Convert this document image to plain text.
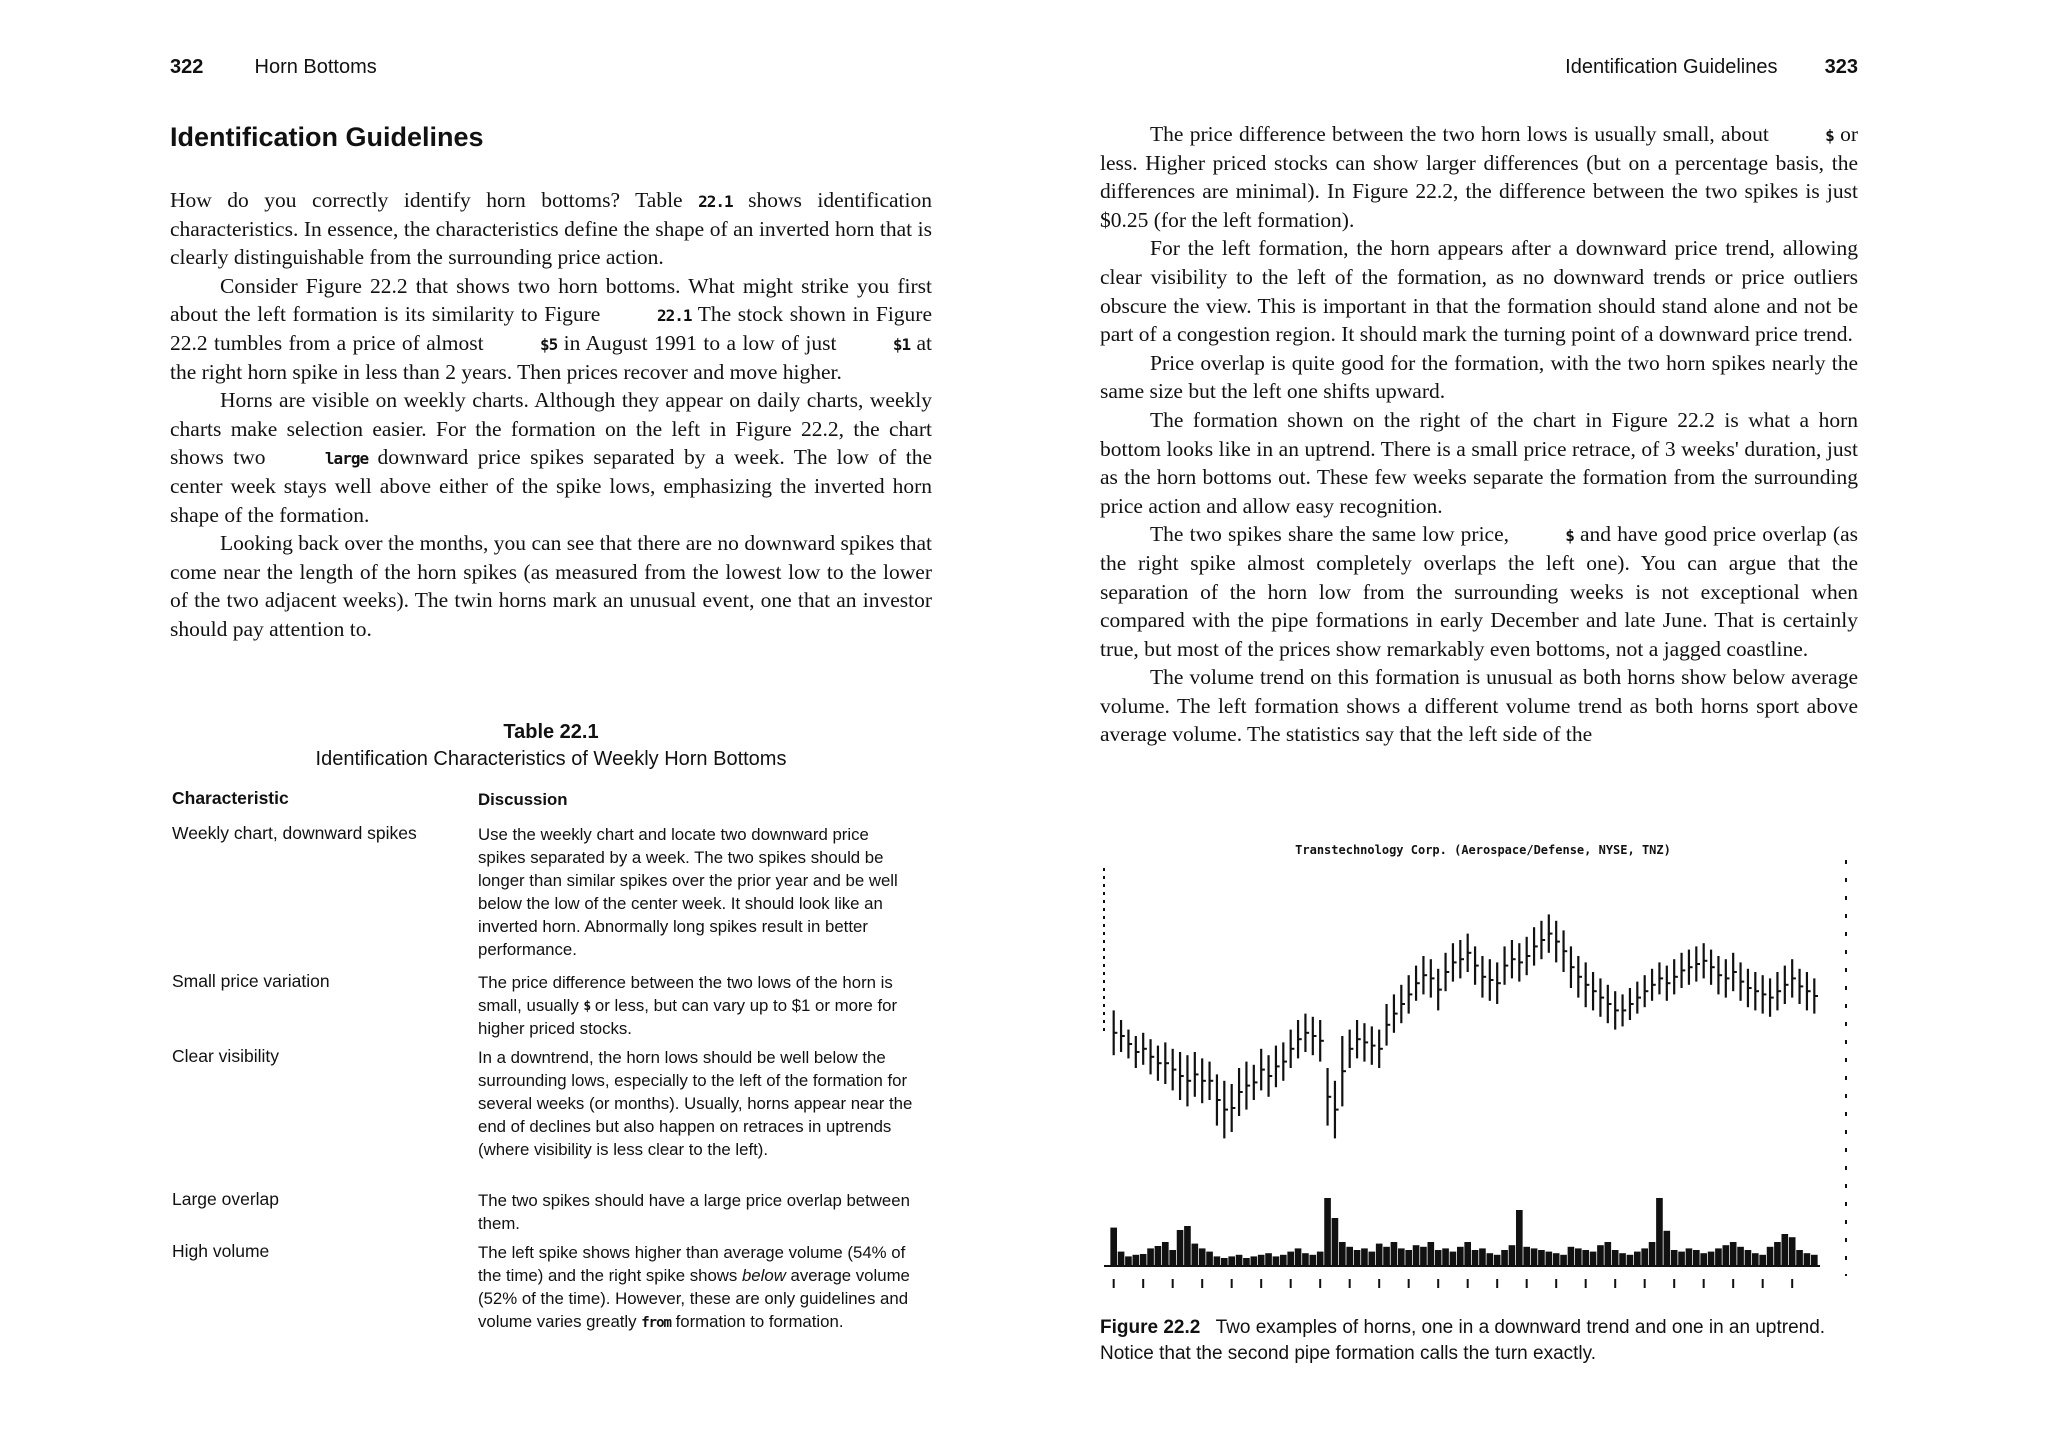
322	Horn Bottoms
Identification Guidelines

How do you correctly identify horn bottoms? Table 22.1 shows identification characteristics. In essence, the characteristics define the shape of an inverted horn that is clearly distinguishable from the surrounding price action.

Consider Figure 22.2 that shows two horn bottoms. What might strike you first about the left formation is its similarity to Figure	22.1 The stock shown in Figure 22.2 tumbles from a price of almost	$5 in August 1991 to a low of just	$1 at the right horn spike in less than 2 years. Then prices recover and move higher.

Horns are visible on weekly charts. Although they appear on daily charts, weekly charts make selection easier. For the formation on the left in Figure 22.2, the chart shows two	large downward price spikes separated by a week. The low of the center week stays well above either of the spike lows, emphasizing the inverted horn shape of the formation.

Looking back over the months, you can see that there are no downward spikes that come near the length of the horn spikes (as measured from the lowest low to the lower of the two adjacent weeks). The twin horns mark an unusual event, one that an investor should pay attention to.

Table 22.1
Identification Characteristics of Weekly Horn Bottoms
Characteristic	Discussion
Weekly chart, downward spikes	Use the weekly chart and locate two downward price spikes separated by a week. The two spikes should be longer than similar spikes over the prior year and be well below the low of the center week. It should look like an inverted horn. Abnormally long spikes result in better performance.
Small price variation	The price difference between the two lows of the horn is small, usually $ or less, but can vary up to $1 or more for higher priced stocks.
Clear visibility	In a downtrend, the horn lows should be well below the surrounding lows, especially to the left of the formation for several weeks (or months). Usually, horns appear near the end of declines but also happen on retraces in uptrends (where visibility is less clear to the left).
Large overlap	The two spikes should have a large price overlap between them.
High volume	The left spike shows higher than average volume (54% of the time) and the right spike shows below average volume (52% of the time). However, these are only guidelines and volume varies greatly from formation to formation.
Identification Guidelines 323

The price difference between the two horn lows is usually small, about	$ or less. Higher priced stocks can show larger differences (but on a percentage basis, the differences are minimal). In Figure 22.2, the difference between the two spikes is just $0.25 (for the left formation).

For the left formation, the horn appears after a downward price trend, allowing clear visibility to the left of the formation, as no downward trends or price outliers obscure the view. This is important in that the formation should stand alone and not be part of a congestion region. It should mark the turning point of a downward price trend.

Price overlap is quite good for the formation, with the two horn spikes nearly the same size but the left one shifts upward.

The formation shown on the right of the chart in Figure 22.2 is what a horn bottom looks like in an uptrend. There is a small price retrace, of 3 weeks' duration, just as the horn bottoms out. These few weeks separate the formation from the surrounding price action and allow easy recognition.

The two spikes share the same low price,	$ and have good price overlap (as the right spike almost completely overlaps the left one). You can argue that the separation of the horn low from the surrounding weeks is not exceptional when compared with the pipe formations in early December and late June. That is certainly true, but most of the prices show remarkably even bottoms, not a jagged coastline.

The volume trend on this formation is unusual as both horns show below average volume. The left formation shows a different volume trend as both horns sport above average volume. The statistics say that the left side of the

Transtechnology Corp. (Aerospace/Defense, NYSE, TNZ)
Figure 22.2 Two examples of horns, one in a downward trend and one in an uptrend. Notice that the second pipe formation calls the turn exactly.
